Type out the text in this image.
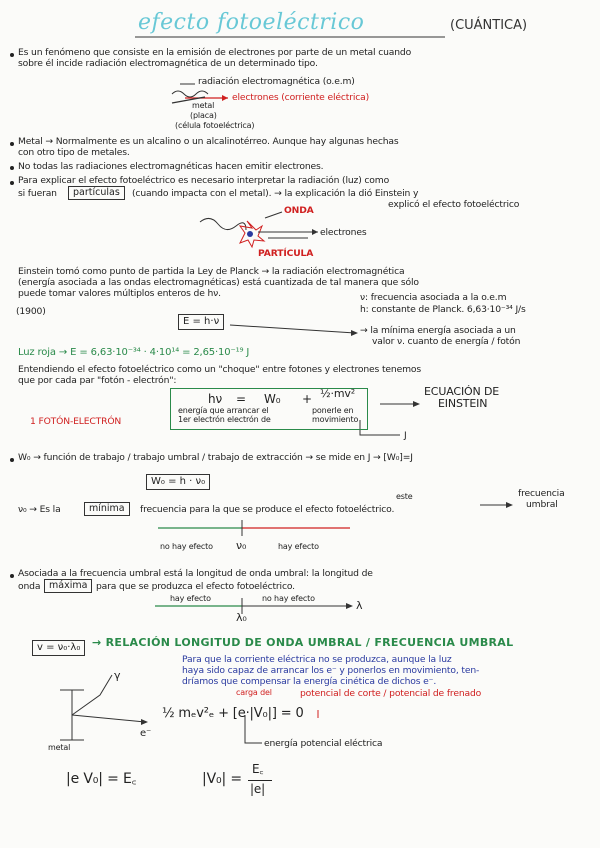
efecto fotoeléctrico	(CUÁNTICA)
Es un fenómeno que consiste en la emisión de electrones por parte de un metal cuando
sobre él incide radiación electromagnética de un determinado tipo.
radiación electromagnética (o.e.m)
electrones (corriente eléctrica)
metal
(placa)
(célula fotoeléctrica)
Metal → Normalmente es un alcalino o un alcalinotérreo. Aunque hay algunas hechas
con otro tipo de metales.
No todas las radiaciones electromagnéticas hacen emitir electrones.
Para explicar el efecto fotoeléctrico es necesario interpretar la radiación (luz) como
si fueran	partículas	(cuando impacta con el metal). → la explicación la dió Einstein y
explicó el efecto fotoeléctrico
ONDA
PARTÍCULA
electrones
Einstein tomó como punto de partida la Ley de Planck → la radiación electromagnética
(energía asociada a las ondas electromagnéticas) está cuantizada de tal manera que sólo
puede tomar valores múltiplos enteros de hν.
(1900)
ν: frecuencia asociada a la o.e.m
h: constante de Planck. 6,63·10⁻³⁴ J/s
E = h·ν
→ la mínima energía asociada a un
valor ν. cuanto de energía / fotón
Luz roja → E = 6,63·10⁻³⁴ · 4·10¹⁴ = 2,65·10⁻¹⁹ J
Entendiendo el efecto fotoeléctrico como un "choque" entre fotones y electrones tenemos
que por cada par "fotón - electrón":
1 FOTÓN-ELECTRÓN
hν = W₀ + ½·mv²
energía que arrancar el
1er electrón electrón de
ponerle en
movimiento
J
ECUACIÓN DE
EINSTEIN
W₀ → función de trabajo / trabajo umbral / trabajo de extracción → se mide en J → [W₀]=J
W₀ = h · ν₀
ν₀ → Es la	mínima	frecuencia para la que se produce el efecto fotoeléctrico.
este	frecuencia
umbral
no hay efecto ν₀	hay efecto
Asociada a la frecuencia umbral está la longitud de onda umbral: la longitud de
onda máxima para que se produzca el efecto fotoeléctrico.
hay efecto	no hay efecto
λ₀
λ
v = ν₀·λ₀	→ RELACIÓN LONGITUD DE ONDA UMBRAL / FRECUENCIA UMBRAL
Para que la corriente eléctrica no se produzca, aunque la luz
haya sido capaz de arrancar los e⁻ y ponerlos en movimiento, ten-
dríamos que compensar la energía cinética de dichos e⁻.
carga del	potencial de corte / potencial de frenado
γ
e⁻
metal
½ mₑv²ₑ + [e·|V₀|] = 0
energía potencial eléctrica
|e V₀| = E꜀	|V₀| =
E꜀
|e|
